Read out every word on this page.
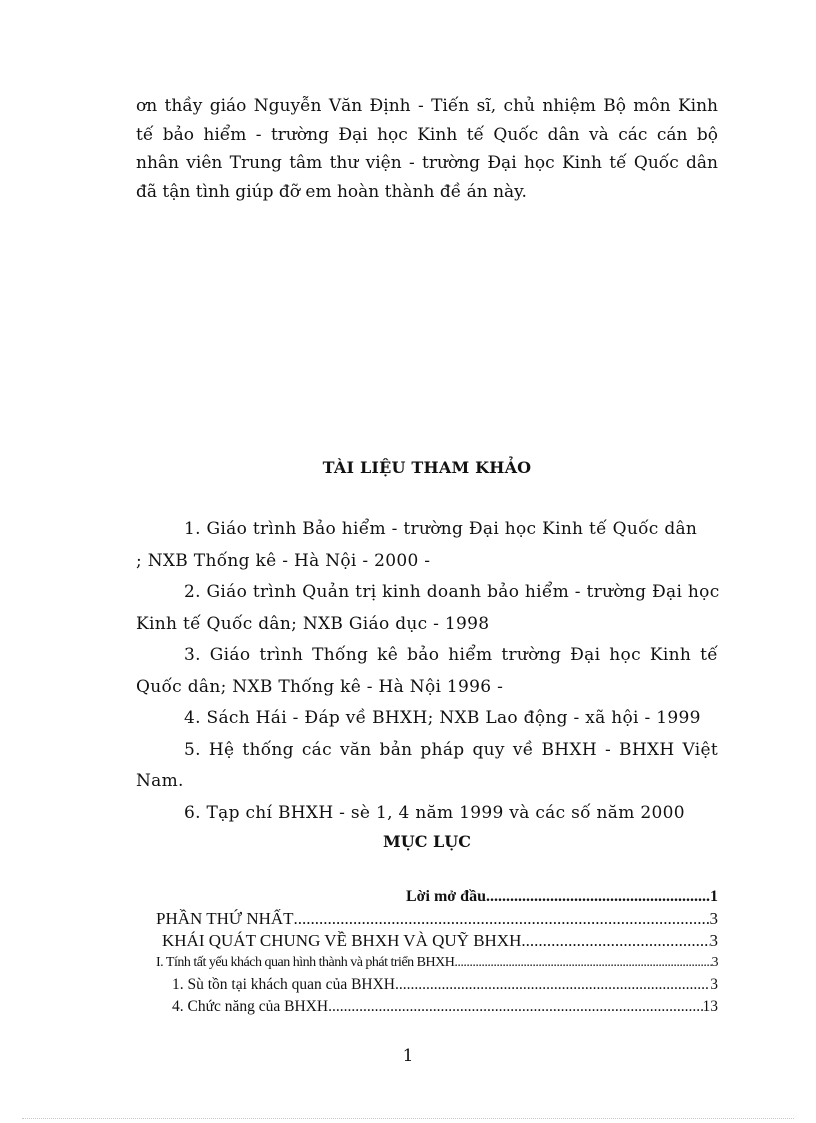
ơn thầy giáo Nguyễn Văn Định - Tiến sĩ, chủ nhiệm Bộ môn Kinh
tế bảo hiểm - trường Đại học Kinh tế Quốc dân và các cán bộ
nhân viên Trung tâm thư viện - trường Đại học Kinh tế Quốc dân
đã tận tình giúp đỡ em hoàn thành đề án này.
TÀI LIỆU THAM KHẢO
1. Giáo trình Bảo hiểm - trường Đại học Kinh tế Quốc dân
; NXB Thống kê - Hà Nội - 2000 -
2. Giáo trình Quản trị kinh doanh bảo hiểm - trường Đại học
Kinh tế Quốc dân; NXB Giáo dục - 1998
3. Giáo trình Thống kê bảo hiểm trường Đại học Kinh tế
Quốc dân; NXB Thống kê - Hà Nội 1996 -
4. Sách Hái - Đáp về BHXH; NXB Lao động - xã hội - 1999
5. Hệ thống các văn bản pháp quy về BHXH - BHXH Việt
Nam.
6. Tạp chí BHXH - sè 1, 4 năm 1999 và các số năm 2000
MỤC LỤC
Lời mở đầu .....	1
PHẦN THỨ NHẤT .....	3
KHÁI QUÁT CHUNG VỀ BHXH VÀ QUỸ BHXH .....	3
I. Tính tất yếu khách quan hình thành và phát triển BHXH .....	3
1. Sù tồn tại khách quan của BHXH .....	3
4. Chức năng của BHXH .....	13
1
